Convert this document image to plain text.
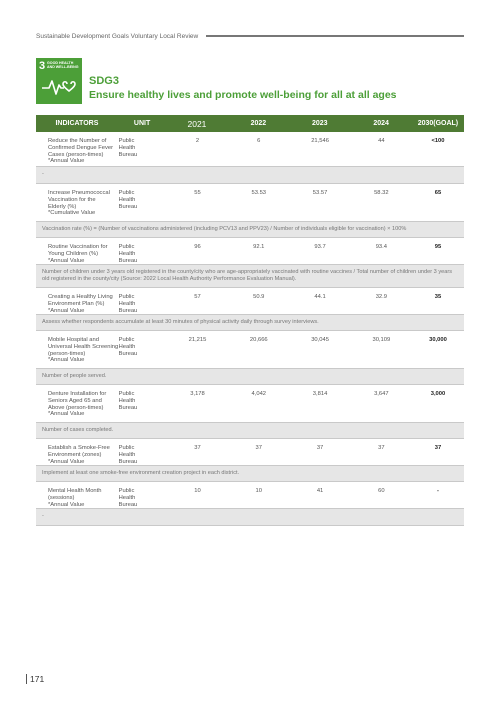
Sustainable Development Goals Voluntary Local Review
3 GOOD HEALTH
AND WELL-BEING
SDG3
Ensure healthy lives and promote well-being for all at all ages
INDICATORS	UNIT	2021	2022	2023	2024	2030(GOAL)
Reduce the Number of
Confirmed Dengue Fever
Cases (person-times)
*Annual Value
Public
Health
Bureau
2	6	21,546	44	<100
-
Increase Pneumococcal
Vaccination for the
Elderly (%)
*Cumulative Value
Public
Health
Bureau
55	53.53	53.57	58.32	65
Vaccination rate (%) = (Number of vaccinations administered (including PCV13 and PPV23) / Number of individuals eligible for vaccination) × 100%
Routine Vaccination for
Young Children (%)
*Annual Value
Public
Health
Bureau
96	92.1	93.7	93.4	95
Number of children under 3 years old registered in the county/city who are age-appropriately vaccinated with routine vaccines / Total number of children under 3 years old registered in the county/city (Source: 2022 Local Health Authority Performance Evaluation Manual).
Creating a Healthy Living
Environment Plan (%)
*Annual Value
Public
Health
Bureau
57	50.9	44.1	32.9	35
Assess whether respondents accumulate at least 30 minutes of physical activity daily through survey interviews.
Mobile Hospital and
Universal Health Screening
(person-times)
*Annual Value
Public
Health
Bureau
21,215	20,666	30,045	30,109	30,000
Number of people served.
Denture Installation for
Seniors Aged 65 and
Above (person-times)
*Annual Value
Public
Health
Bureau
3,178	4,042	3,814	3,647	3,000
Number of cases completed.
Establish a Smoke-Free
Environment (zones)
*Annual Value
Public
Health
Bureau
37	37	37	37	37
Implement at least one smoke-free environment creation project in each district.
Mental Health Month
(sessions)
*Annual Value
Public
Health
Bureau
10	10	41	60	-
-
171
